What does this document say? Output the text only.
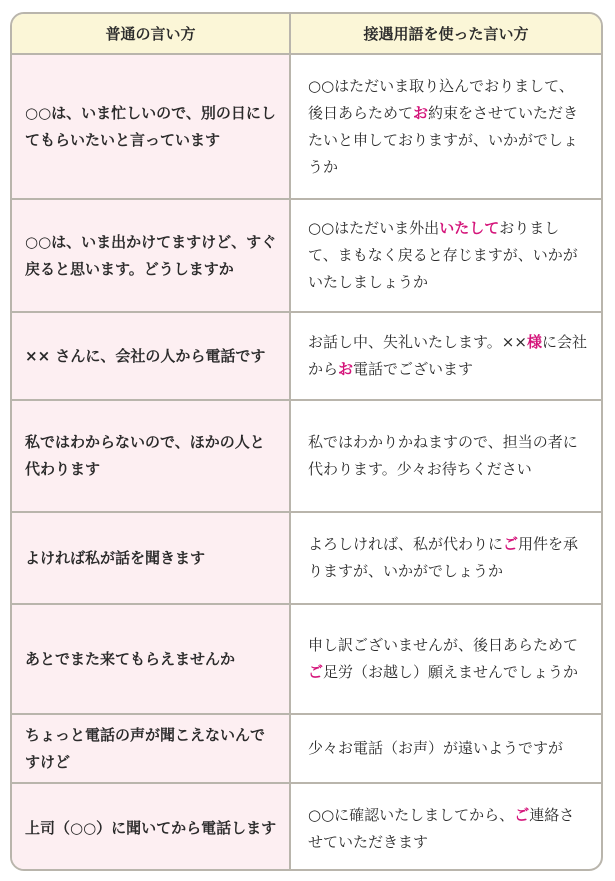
普通の言い方	接遇用語を使った言い方
○○は、いま忙しいので、別の日にしてもらいたいと言っています	○○はただいま取り込んでおりまして、後日あらためてお約束をさせていただきたいと申しておりますが、いかがでしょうか
○○は、いま出かけてますけど、すぐ戻ると思います。どうしますか	○○はただいま外出いたしておりまして、まもなく戻ると存じますが、いかがいたしましょうか
×× さんに、会社の人から電話です	お話し中、失礼いたします。××様に会社からお電話でございます
私ではわからないので、ほかの人と代わります	私ではわかりかねますので、担当の者に代わります。少々お待ちください
よければ私が話を聞きます	よろしければ、私が代わりにご用件を承りますが、いかがでしょうか
あとでまた来てもらえませんか	申し訳ございませんが、後日あらためてご足労（お越し）願えませんでしょうか
ちょっと電話の声が聞こえないんですけど	少々お電話（お声）が遠いようですが
上司（○○）に聞いてから電話します	○○に確認いたしましてから、ご連絡させていただきます
